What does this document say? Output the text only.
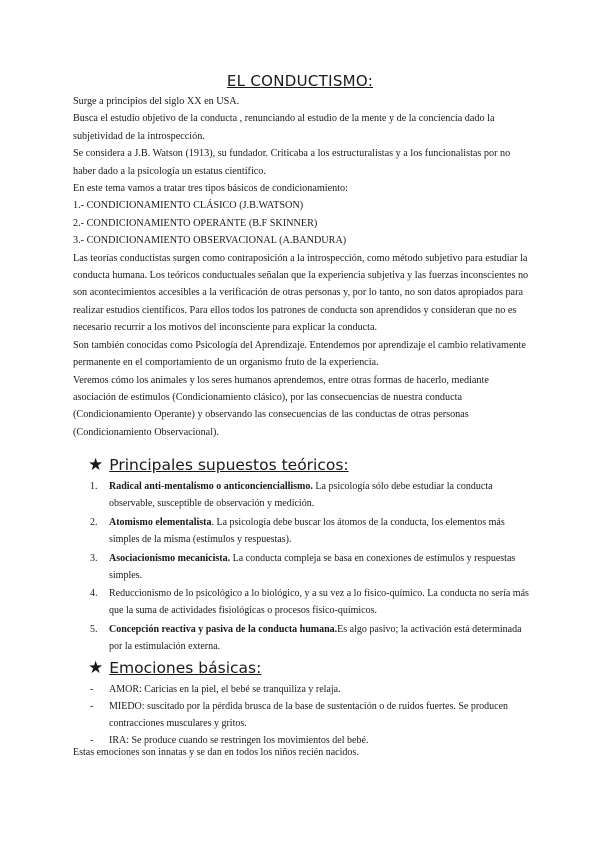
EL CONDUCTISMO:

Surge a principios del siglo XX en USA.

Busca el estudio objetivo de la conducta , renunciando al estudio de la mente y de la conciencia dado la subjetividad de la introspección.

Se considera a J.B. Watson (1913), su fundador. Criticaba a los estructuralistas y a los funcionalistas por no haber dado a la psicología un estatus científico.

En este tema vamos a tratar tres tipos básicos de condicionamiento:

1.- CONDICIONAMIENTO CLÁSICO (J.B.WATSON)

2.- CONDICIONAMIENTO OPERANTE (B.F SKINNER)

3.- CONDICIONAMIENTO OBSERVACIONAL (A.BANDURA)

Las teorías conductistas surgen como contraposición a la introspección, como método subjetivo para estudiar la conducta humana. Los teóricos conductuales señalan que la experiencia subjetiva y las fuerzas inconscientes no son acontecimientos accesibles a la verificación de otras personas y, por lo tanto, no son datos apropiados para realizar estudios científicos. Para ellos todos los patrones de conducta son aprendidos y consideran que no es necesario recurrir a los motivos del inconsciente para explicar la conducta.

Son también conocidas como Psicología del Aprendizaje. Entendemos por aprendizaje el cambio relativamente permanente en el comportamiento de un organismo fruto de la experiencia.

Veremos cómo los animales y los seres humanos aprendemos, entre otras formas de hacerlo, mediante asociación de estímulos (Condicionamiento clásico), por las consecuencias de nuestra conducta (Condicionamiento Operante) y observando las consecuencias de las conductas de otras personas (Condicionamiento Observacional).

★ Principales supuestos teóricos:
1. Radical anti-mentalismo o anticoncienciallismo. La psicología sólo debe estudiar la conducta observable, susceptible de observación y medición.
2. Atomismo elementalista. La psicología debe buscar los átomos de la conducta, los elementos más simples de la misma (estímulos y respuestas).
3. Asociacionismo mecanicista. La conducta compleja se basa en conexiones de estímulos y respuestas simples.
4. Reduccionismo de lo psicológico a lo biológico, y a su vez a lo físico-químico. La conducta no sería más que la suma de actividades fisiológicas o procesos físico-químicos.
5. Concepción reactiva y pasiva de la conducta humana.Es algo pasivo; la activación está determinada por la estimulación externa.
★ Emociones básicas:
- AMOR: Caricias en la piel, el bebé se tranquiliza y relaja.
- MIEDO: suscitado por la pérdida brusca de la base de sustentación o de ruidos fuertes. Se producen contracciones musculares y gritos.
- IRA: Se produce cuando se restringen los movimientos del bebé.
Estas emociones son innatas y se dan en todos los niños recién nacidos.
